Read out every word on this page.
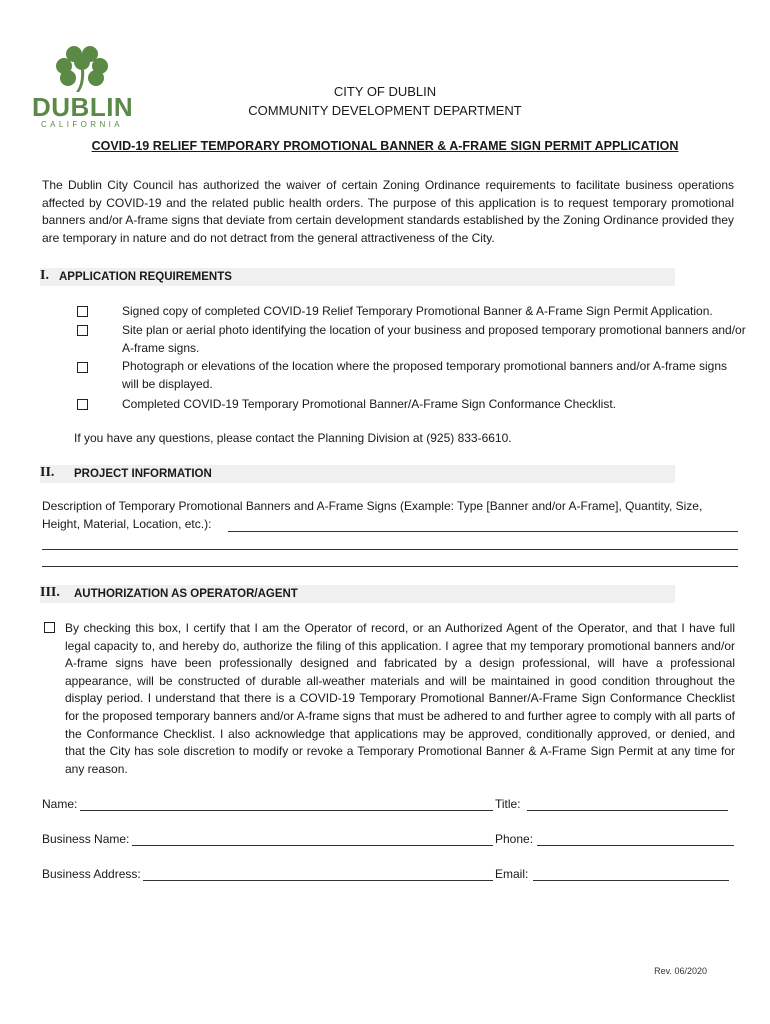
DUBLIN
CALIFORNIA
CITY OF DUBLIN
COMMUNITY DEVELOPMENT DEPARTMENT
COVID-19 RELIEF TEMPORARY PROMOTIONAL BANNER & A-FRAME SIGN PERMIT APPLICATION
The Dublin City Council has authorized the waiver of certain Zoning Ordinance requirements to facilitate business operations affected by COVID-19 and the related public health orders. The purpose of this application is to request temporary promotional banners and/or A-frame signs that deviate from certain development standards established by the Zoning Ordinance provided they are temporary in nature and do not detract from the general attractiveness of the City.
I. APPLICATION REQUIREMENTS
Signed copy of completed COVID-19 Relief Temporary Promotional Banner & A-Frame Sign Permit Application.
Site plan or aerial photo identifying the location of your business and proposed temporary promotional banners and/or A-frame signs.
Photograph or elevations of the location where the proposed temporary promotional banners and/or A-frame signs will be displayed.
Completed COVID-19 Temporary Promotional Banner/A-Frame Sign Conformance Checklist.
If you have any questions, please contact the Planning Division at (925) 833-6610.
II. PROJECT INFORMATION
Description of Temporary Promotional Banners and A-Frame Signs (Example: Type [Banner and/or A-Frame], Quantity, Size,
Height, Material, Location, etc.):
III. AUTHORIZATION AS OPERATOR/AGENT
By checking this box, I certify that I am the Operator of record, or an Authorized Agent of the Operator, and that I have full legal capacity to, and hereby do, authorize the filing of this application. I agree that my temporary promotional banners and/or A-frame signs have been professionally designed and fabricated by a design professional, will have a professional appearance, will be constructed of durable all-weather materials and will be maintained in good condition throughout the display period. I understand that there is a COVID-19 Temporary Promotional Banner/A-Frame Sign Conformance Checklist for the proposed temporary banners and/or A-frame signs that must be adhered to and further agree to comply with all parts of the Conformance Checklist. I also acknowledge that applications may be approved, conditionally approved, or denied, and that the City has sole discretion to modify or revoke a Temporary Promotional Banner & A-Frame Sign Permit at any time for any reason.
Name:	Title:
Business Name:	Phone:
Business Address:	Email:
Rev. 06/2020
